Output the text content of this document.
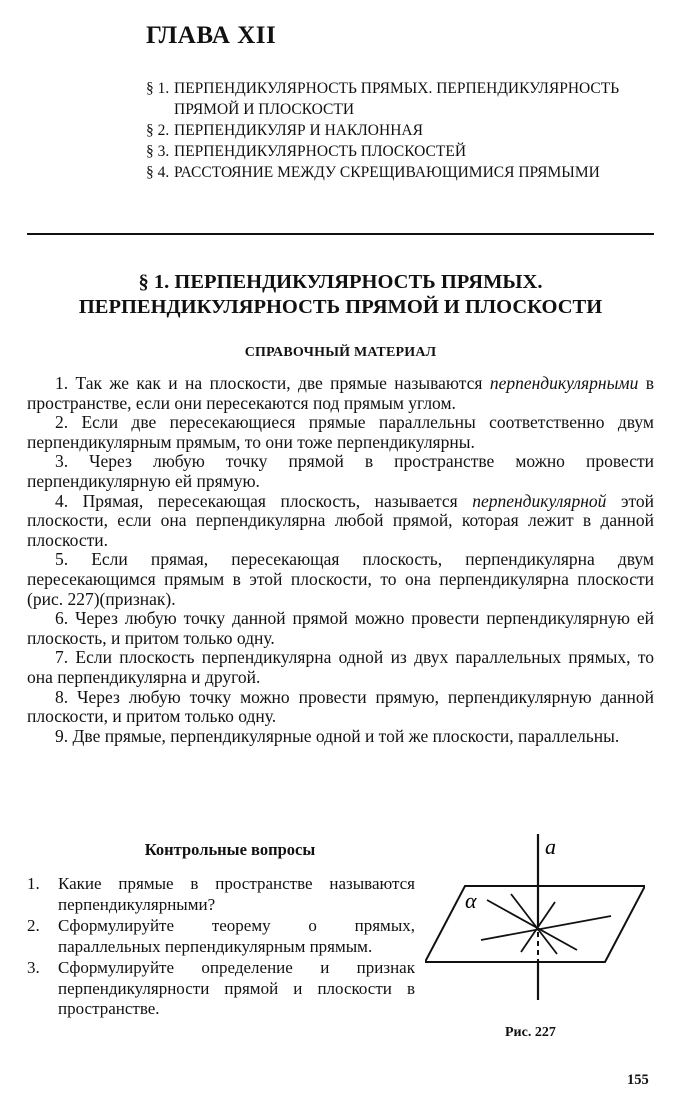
ГЛАВА XII
§ 1. ПЕРПЕНДИКУЛЯРНОСТЬ ПРЯМЫХ. ПЕРПЕНДИКУЛЯРНОСТЬ ПРЯМОЙ И ПЛОСКОСТИ
§ 2. ПЕРПЕНДИКУЛЯР И НАКЛОННАЯ
§ 3. ПЕРПЕНДИКУЛЯРНОСТЬ ПЛОСКОСТЕЙ
§ 4. РАССТОЯНИЕ МЕЖДУ СКРЕЩИВАЮЩИМИСЯ ПРЯМЫМИ
§ 1. ПЕРПЕНДИКУЛЯРНОСТЬ ПРЯМЫХ.
ПЕРПЕНДИКУЛЯРНОСТЬ ПРЯМОЙ И ПЛОСКОСТИ
СПРАВОЧНЫЙ МАТЕРИАЛ

1. Так же как и на плоскости, две прямые называются перпендикулярными в пространстве, если они пересекаются под прямым углом.

2. Если две пересекающиеся прямые параллельны соответственно двум перпендикулярным прямым, то они тоже перпендикулярны.

3. Через любую точку прямой в пространстве можно провести перпендикулярную ей прямую.

4. Прямая, пересекающая плоскость, называется перпендикулярной этой плоскости, если она перпендикулярна любой прямой, которая лежит в данной плоскости.

5. Если прямая, пересекающая плоскость, перпендикулярна двум пересекающимся прямым в этой плоскости, то она перпендикулярна плоскости (рис. 227)(признак).

6. Через любую точку данной прямой можно провести перпендикулярную ей плоскость, и притом только одну.

7. Если плоскость перпендикулярна одной из двух параллельных прямых, то она перпендикулярна и другой.

8. Через любую точку можно провести прямую, перпендикулярную данной плоскости, и притом только одну.

9. Две прямые, перпендикулярные одной и той же плоскости, параллельны.

Контрольные вопросы
1.	Какие прямые в пространстве называются перпендикулярными?
2.	Сформулируйте теорему о прямых, параллельных перпендикулярным прямым.
3.	Сформулируйте определение и признак перпендикулярности прямой и плоскости в пространстве.
a
α
Рис. 227
155
